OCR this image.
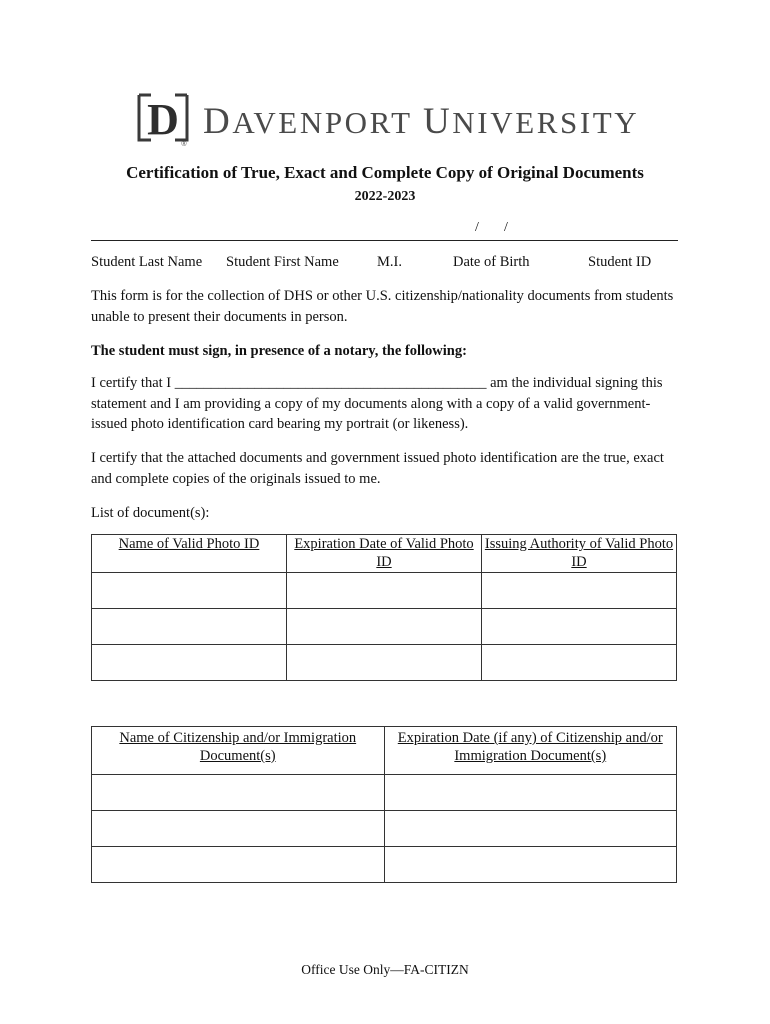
D
®
DAVENPORT UNIVERSITY
Certification of True, Exact and Complete Copy of Original Documents
2022-2023
/ /
Student Last Name Student First Name	M.I.	Date of Birth	Student ID
This form is for the collection of DHS or other U.S. citizenship/nationality documents from students unable to present their documents in person.
The student must sign, in presence of a notary, the following:
I certify that I ___________________________________________ am the individual signing this statement and I am providing a copy of my documents along with a copy of a valid government-issued photo identification card bearing my portrait (or likeness).
I certify that the attached documents and government issued photo identification are the true, exact and complete copies of the originals issued to me.
List of document(s):
Name of Valid Photo ID	Expiration Date of Valid Photo ID	Issuing Authority of Valid Photo ID

Name of Citizenship and/or Immigration Document(s)	Expiration Date (if any) of Citizenship and/or Immigration Document(s)

Office Use Only—FA-CITIZN
